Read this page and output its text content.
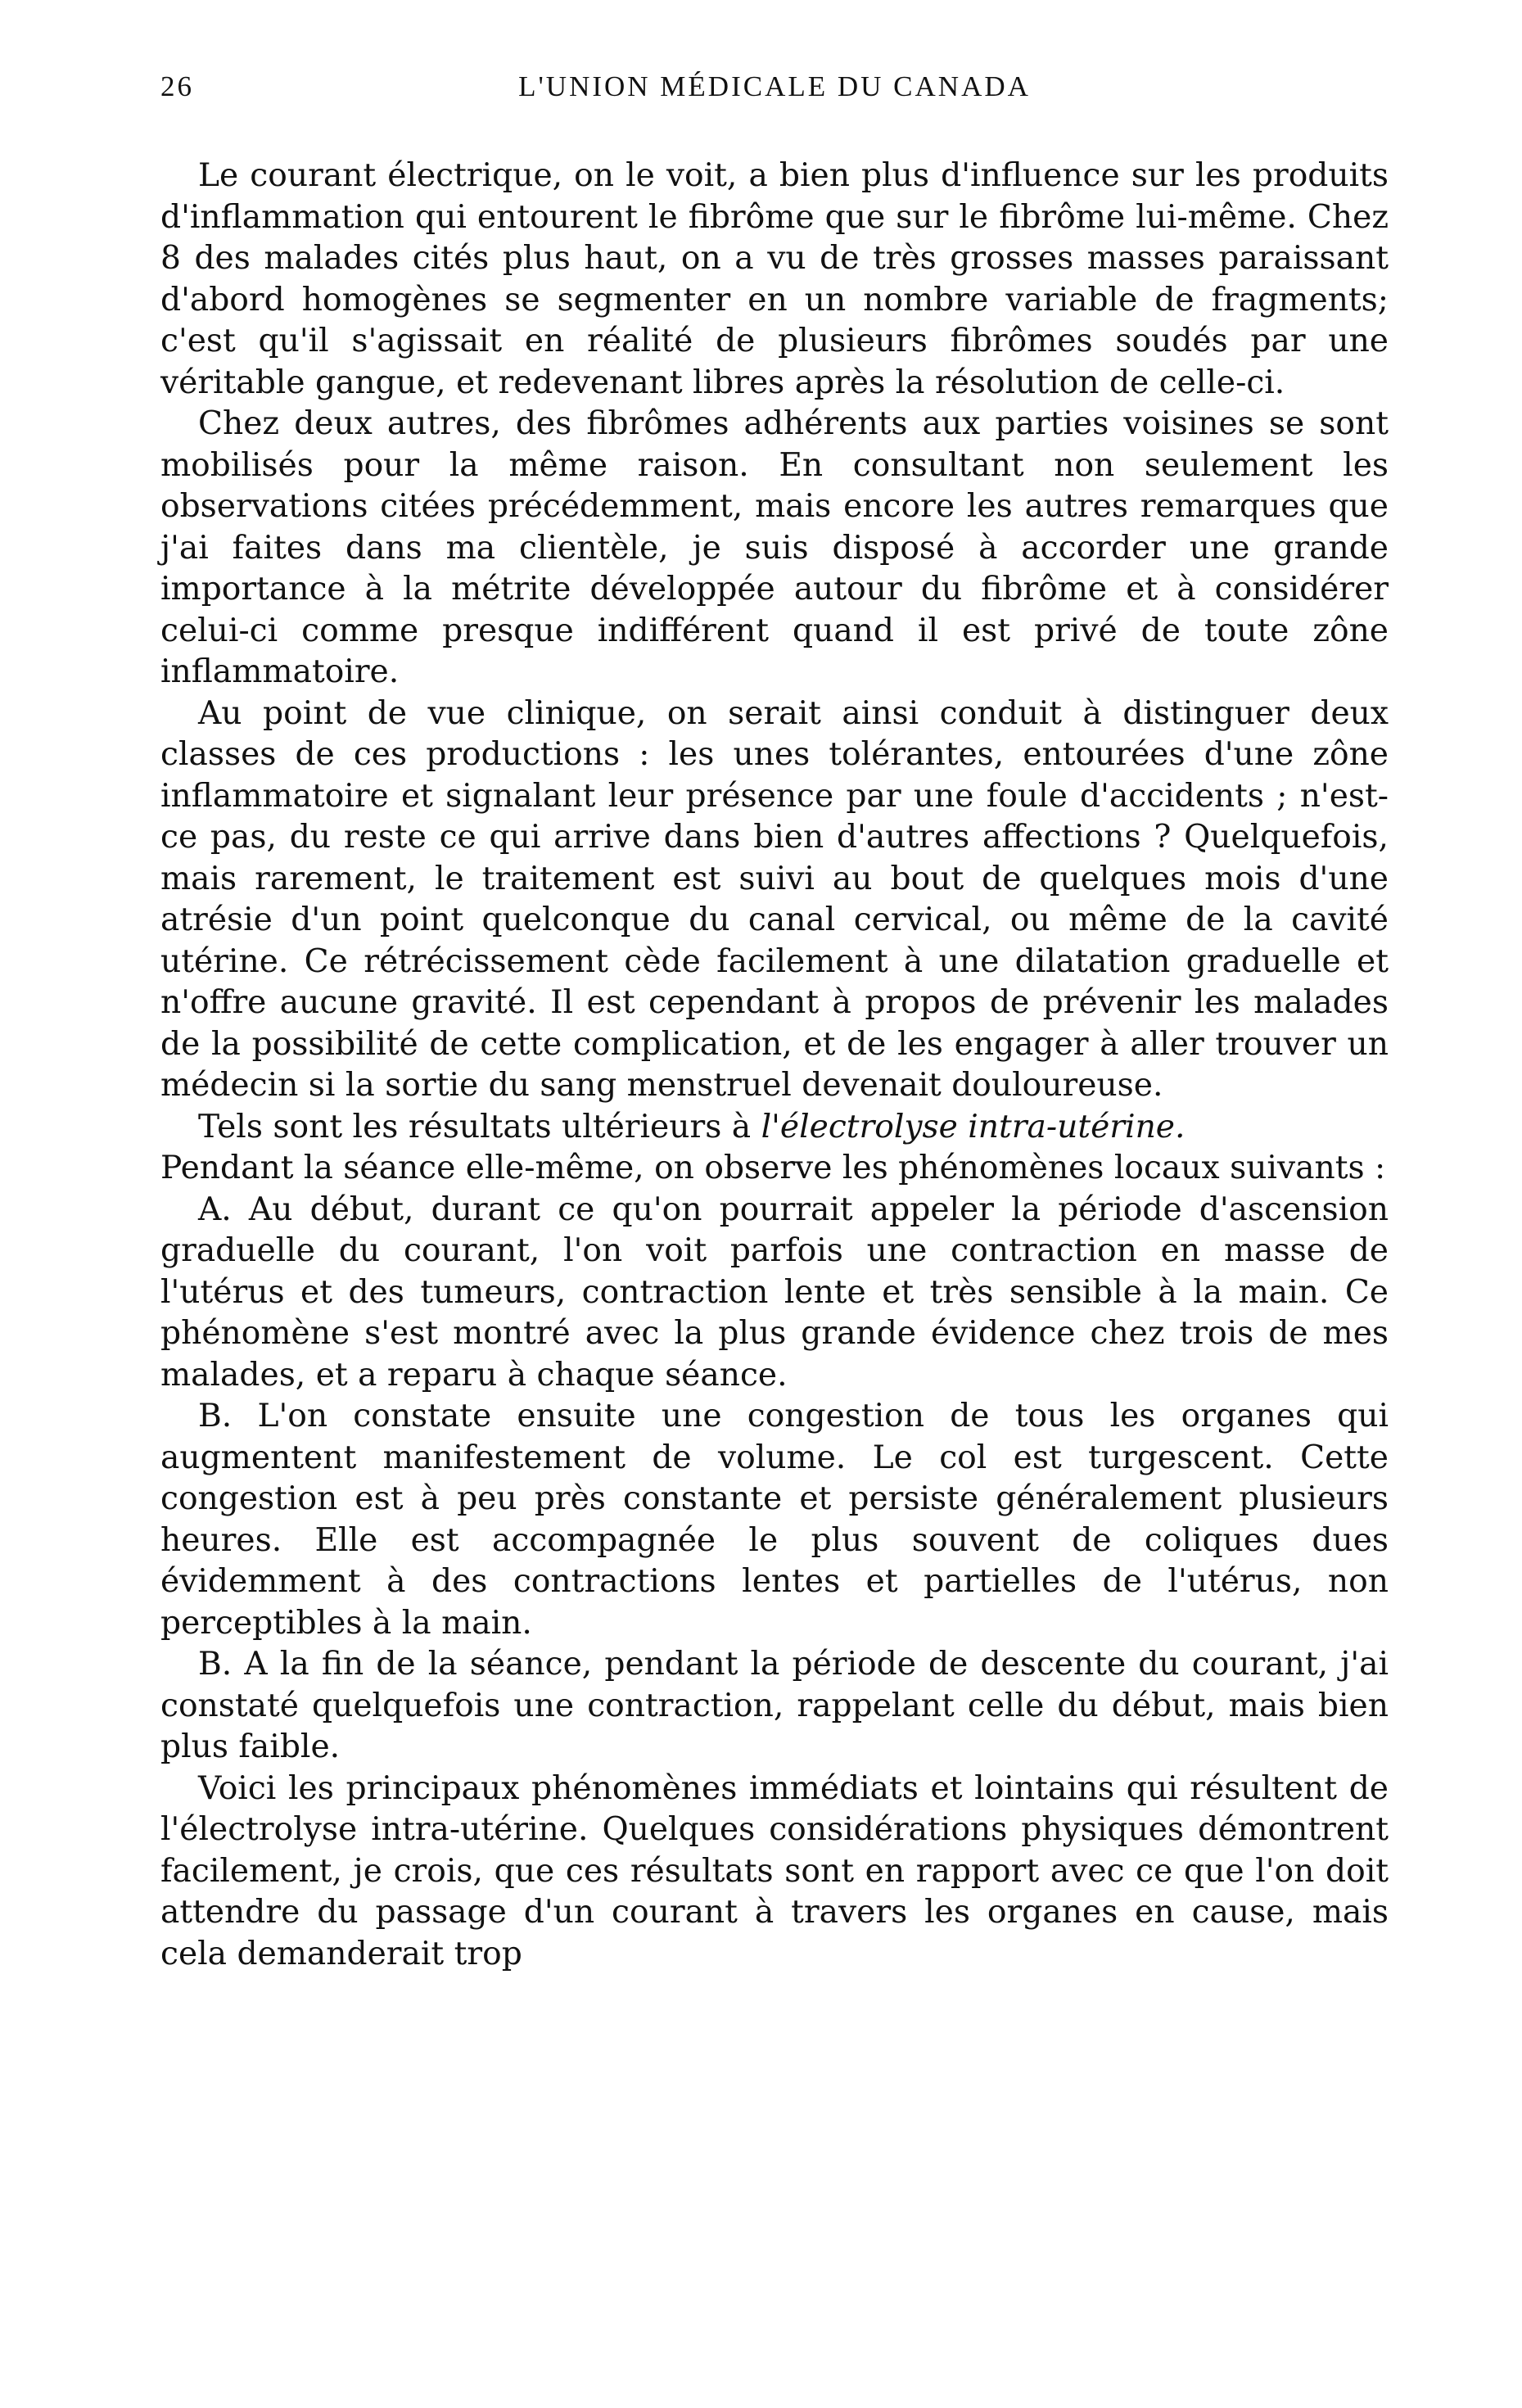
26	L'UNION MÉDICALE DU CANADA

Le courant électrique, on le voit, a bien plus d'influence sur les produits d'inflammation qui entourent le fibrôme que sur le fibrôme lui-même. Chez 8 des malades cités plus haut, on a vu de très grosses masses paraissant d'abord homogènes se segmenter en un nombre variable de fragments; c'est qu'il s'agissait en réalité de plusieurs fibrômes soudés par une véritable gangue, et redevenant libres après la résolution de celle-ci.

Chez deux autres, des fibrômes adhérents aux parties voisines se sont mobilisés pour la même raison. En consultant non seulement les observations citées précédemment, mais encore les autres remarques que j'ai faites dans ma clientèle, je suis disposé à accorder une grande importance à la métrite développée autour du fibrôme et à considérer celui-ci comme presque indifférent quand il est privé de toute zône inflammatoire.

Au point de vue clinique, on serait ainsi conduit à distinguer deux classes de ces productions : les unes tolérantes, entourées d'une zône inflammatoire et signalant leur présence par une foule d'accidents ; n'est-ce pas, du reste ce qui arrive dans bien d'autres affections ? Quelquefois, mais rarement, le traitement est suivi au bout de quelques mois d'une atrésie d'un point quelconque du canal cervical, ou même de la cavité utérine. Ce rétrécissement cède facilement à une dilatation graduelle et n'offre aucune gravité. Il est cependant à propos de prévenir les malades de la possibilité de cette complication, et de les engager à aller trouver un médecin si la sortie du sang menstruel devenait douloureuse.

Tels sont les résultats ultérieurs à l'électrolyse intra-utérine.
Pendant la séance elle-même, on observe les phénomènes locaux suivants :

A. Au début, durant ce qu'on pourrait appeler la période d'ascension graduelle du courant, l'on voit parfois une contraction en masse de l'utérus et des tumeurs, contraction lente et très sensible à la main. Ce phénomène s'est montré avec la plus grande évidence chez trois de mes malades, et a reparu à chaque séance.

B. L'on constate ensuite une congestion de tous les organes qui augmentent manifestement de volume. Le col est turgescent. Cette congestion est à peu près constante et persiste généralement plusieurs heures. Elle est accompagnée le plus souvent de coliques dues évidemment à des contractions lentes et partielles de l'utérus, non perceptibles à la main.

B. A la fin de la séance, pendant la période de descente du courant, j'ai constaté quelquefois une contraction, rappelant celle du début, mais bien plus faible.

Voici les principaux phénomènes immédiats et lointains qui résultent de l'électrolyse intra-utérine. Quelques considérations physiques démontrent facilement, je crois, que ces résultats sont en rapport avec ce que l'on doit attendre du passage d'un courant à travers les organes en cause, mais cela demanderait trop
